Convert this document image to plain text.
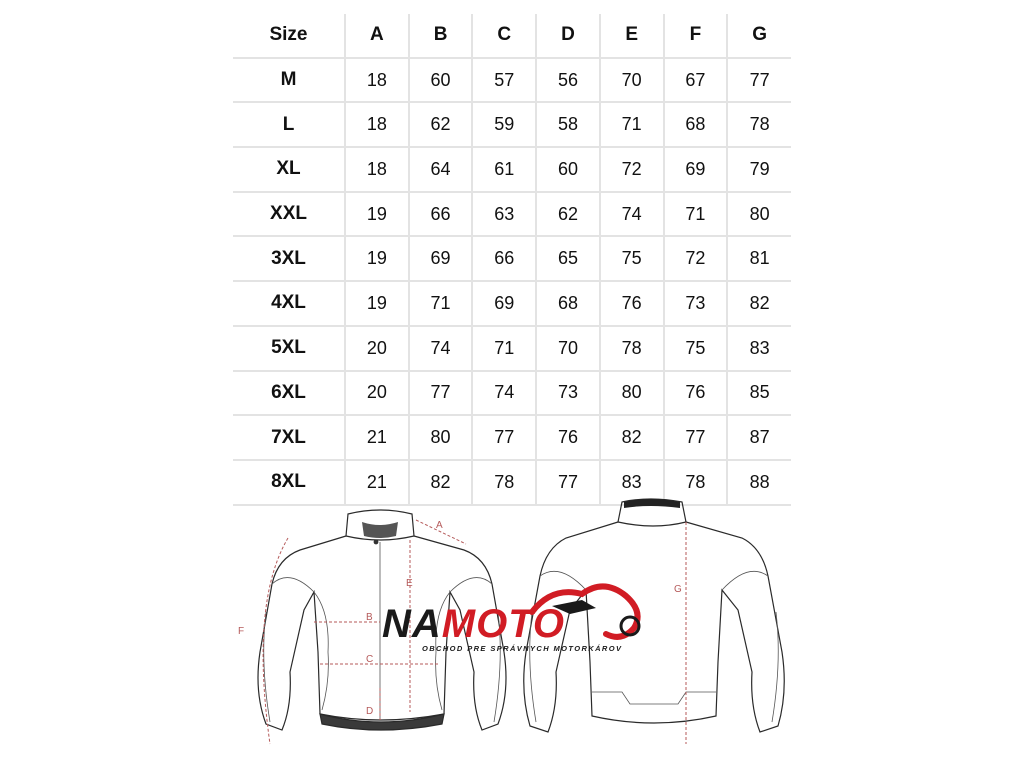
Size	A	B	C	D	E	F	G
M	18	60	57	56	70	67	77
L	18	62	59	58	71	68	78
XL	18	64	61	60	72	69	79
XXL	19	66	63	62	74	71	80
3XL	19	69	66	65	75	72	81
4XL	19	71	69	68	76	73	82
5XL	20	74	71	70	78	75	83
6XL	20	77	74	73	80	76	85
7XL	21	80	77	76	82	77	87
8XL	21	82	78	77	83	78	88
A
B
C
D
E
F
G
NAMOTO
OBCHOD PRE SPRÁVNYCH MOTORKÁROV
